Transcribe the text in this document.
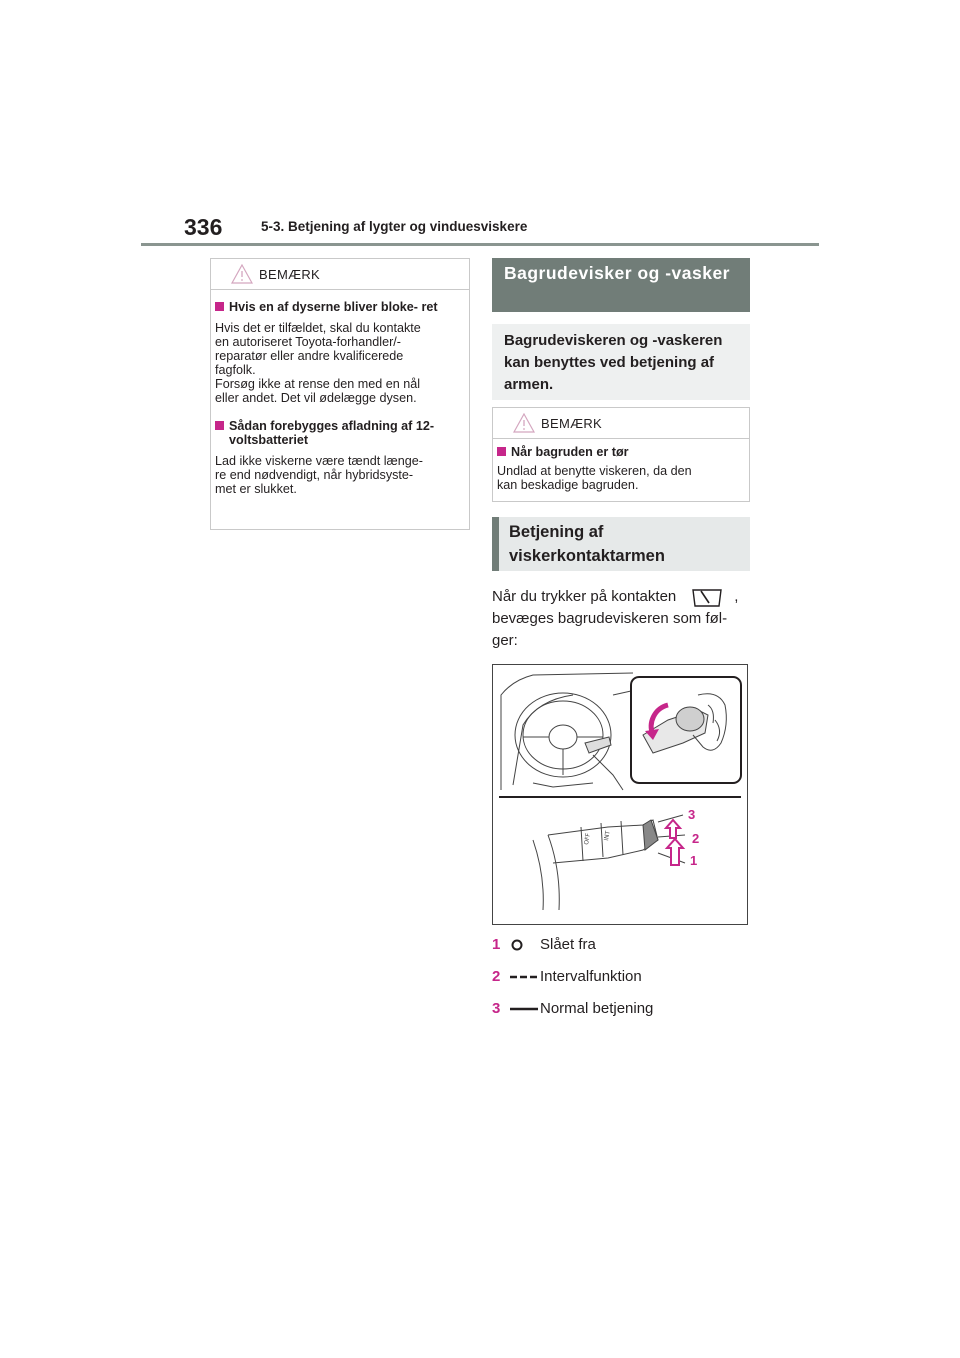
336	5-3. Betjening af lygter og vinduesviskere
BEMÆRK
Hvis en af dyserne bliver bloke- ret
Hvis det er tilfældet, skal du kontakte
en autoriseret Toyota-forhandler/-
reparatør eller andre kvalificerede
fagfolk.
Forsøg ikke at rense den med en nål
eller andet. Det vil ødelægge dysen.
Sådan forebygges afladning af 12-voltsbatteriet
Lad ikke viskerne være tændt længe-
re end nødvendigt, når hybridsyste-
met er slukket.
Bagrudevisker og -vasker
Bagrudeviskeren og -vaskeren kan benyttes ved betjening af armen.
BEMÆRK
Når bagruden er tør
Undlad at benytte viskeren, da den
kan beskadige bagruden.
Betjening af viskerkontaktarmen
Når du trykker på kontakten	,
bevæges bagrudeviskeren som føl-
ger:
OFF INT
3
2
1
1	Slået fra
2	Intervalfunktion
3	Normal betjening
